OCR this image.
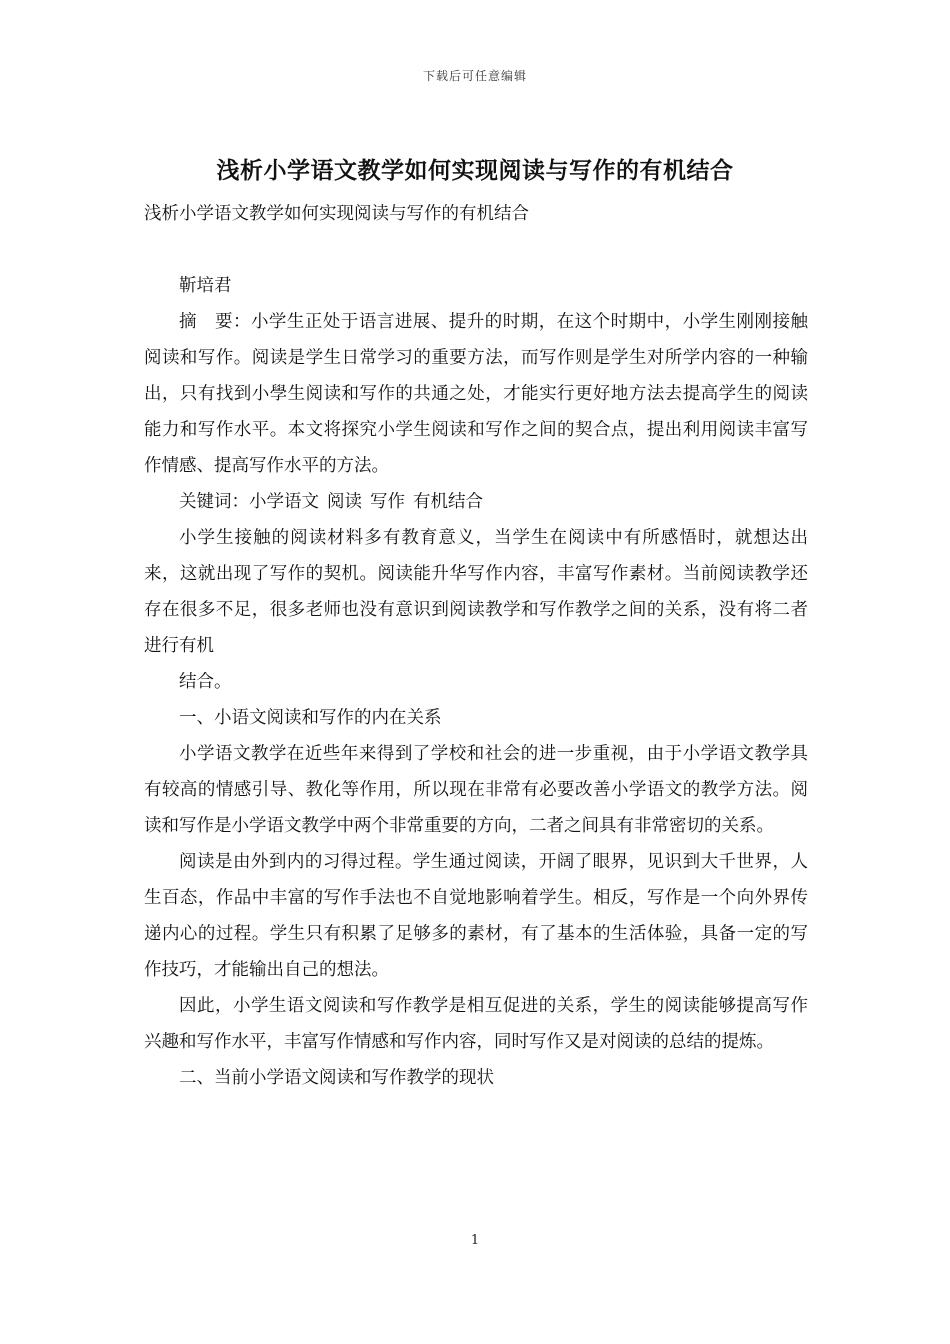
下载后可任意编辑
浅析小学语文教学如何实现阅读与写作的有机结合

浅析小学语文教学如何实现阅读与写作的有机结合

靳培君

摘　要：小学生正处于语言进展、提升的时期，在这个时期中，小学生刚刚接触阅读和写作。阅读是学生日常学习的重要方法，而写作则是学生对所学内容的一种输出，只有找到小學生阅读和写作的共通之处，才能实行更好地方法去提高学生的阅读能力和写作水平。本文将探究小学生阅读和写作之间的契合点，提出利用阅读丰富写作情感、提高写作水平的方法。

关键词：小学语文 阅读 写作 有机结合

小学生接触的阅读材料多有教育意义，当学生在阅读中有所感悟时，就想达出来，这就出现了写作的契机。阅读能升华写作内容，丰富写作素材。当前阅读教学还存在很多不足，很多老师也没有意识到阅读教学和写作教学之间的关系，没有将二者进行有机

结合。

一、小语文阅读和写作的内在关系

小学语文教学在近些年来得到了学校和社会的进一步重视，由于小学语文教学具有较高的情感引导、教化等作用，所以现在非常有必要改善小学语文的教学方法。阅读和写作是小学语文教学中两个非常重要的方向，二者之间具有非常密切的关系。

阅读是由外到内的习得过程。学生通过阅读，开阔了眼界，见识到大千世界，人生百态，作品中丰富的写作手法也不自觉地影响着学生。相反，写作是一个向外界传递内心的过程。学生只有积累了足够多的素材，有了基本的生活体验，具备一定的写作技巧，才能输出自己的想法。

因此，小学生语文阅读和写作教学是相互促进的关系，学生的阅读能够提高写作兴趣和写作水平，丰富写作情感和写作内容，同时写作又是对阅读的总结的提炼。

二、当前小学语文阅读和写作教学的现状

1
